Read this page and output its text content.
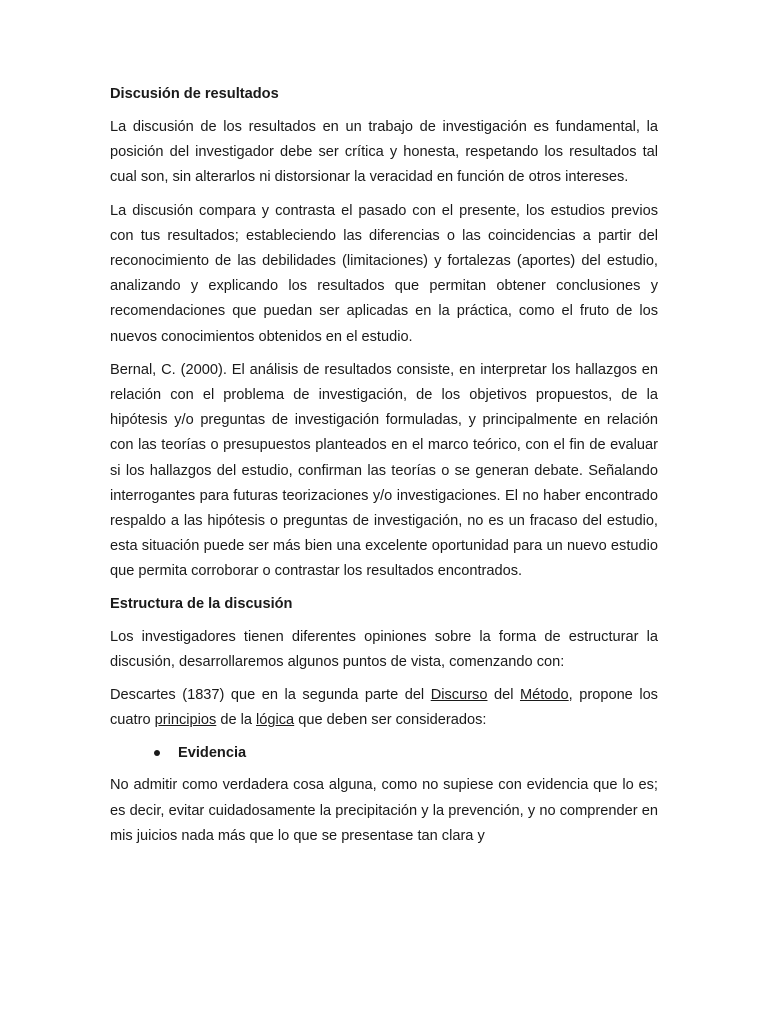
Discusión de resultados

La discusión de los resultados en un trabajo de investigación es fundamental, la posición del investigador debe ser crítica y honesta, respetando los resultados tal cual son, sin alterarlos ni distorsionar la veracidad en función de otros intereses.

La discusión compara y contrasta el pasado con el presente, los estudios previos con tus resultados; estableciendo las diferencias o las coincidencias a partir del reconocimiento de las debilidades (limitaciones) y fortalezas (aportes) del estudio, analizando y explicando los resultados que permitan obtener conclusiones y recomendaciones que puedan ser aplicadas en la práctica, como el fruto de los nuevos conocimientos obtenidos en el estudio.

Bernal, C. (2000). El análisis de resultados consiste, en interpretar los hallazgos en relación con el problema de investigación, de los objetivos propuestos, de la hipótesis y/o preguntas de investigación formuladas, y principalmente en relación con las teorías o presupuestos planteados en el marco teórico, con el fin de evaluar si los hallazgos del estudio, confirman las teorías o se generan debate. Señalando interrogantes para futuras teorizaciones y/o investigaciones. El no haber encontrado respaldo a las hipótesis o preguntas de investigación, no es un fracaso del estudio, esta situación puede ser más bien una excelente oportunidad para un nuevo estudio que permita corroborar o contrastar los resultados encontrados.

Estructura de la discusión

Los investigadores tienen diferentes opiniones sobre la forma de estructurar la discusión, desarrollaremos algunos puntos de vista, comenzando con:

Descartes (1837) que en la segunda parte del Discurso del Método, propone los cuatro principios de la lógica que deben ser considerados:

Evidencia

No admitir como verdadera cosa alguna, como no supiese con evidencia que lo es; es decir, evitar cuidadosamente la precipitación y la prevención, y no comprender en mis juicios nada más que lo que se presentase tan clara y
